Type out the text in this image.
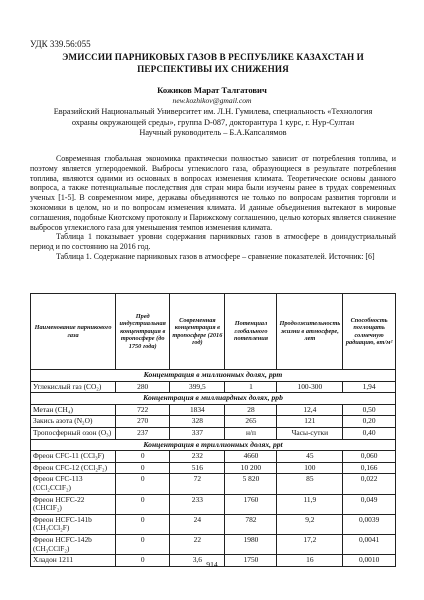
УДК 339.56:055
ЭМИССИИ ПАРНИКОВЫХ ГАЗОВ В РЕСПУБЛИКЕ КАЗАХСТАН И ПЕРСПЕКТИВЫ ИХ СНИЖЕНИЯ
Кожиков Марат Талгатович
new.kozhikov@gmail.com
Евразийский Национальный Университет им. Л.Н. Гумилева, специальность «Технология
охраны окружающей среды», группа D-087, докторантура 1 курс, г. Нур-Султан
Научный руководитель – Б.А.Капсалямов

Современная глобальная экономика практически полностью зависит от потребления топлива, и поэтому является углеродоемкой. Выбросы углекислого газа, образующиеся в результате потребления топлива, являются одними из основных в вопросах изменения климата. Теоретические основы данного вопроса, а также потенциальные последствия для стран мира были изучены ранее в трудах современных ученых [1-5]. В современном мире, державы объединяются не только по вопросам развития торговли и экономики в целом, но и по вопросам изменения климата. И данные объединения вытекают в мировые соглашения, подобные Киотскому протоколу и Парижскому соглашению, целью которых является снижение выбросов углекислого газа для уменьшения темпов изменения климата.

Таблица 1 показывает уровни содержания парниковых газов в атмосфере в доиндустриальный период и по состоянию на 2016 год.

Таблица 1. Содержание парниковых газов в атмосфере – сравнение показателей. Источник: [6]

Наименование парникового газа	Пред индустриальная концентрация в тропосфере (до 1750 года)	Современная концентрация в тропосфере (2016 год)	Потенциал глобального потепления	Продолжительность жизни в атмосфере, лет	Способность поглощать солнечную радиацию, вт/м²
Концентрация в миллионных долях, ppm					
Углекислый газ (CO₂)	280	399,5	1	100-300	1,94
Концентрация в миллиардных долях, ppb					
Метан (CH₄)	722	1834	28	12,4	0,50
Закись азота (N₂O)	270	328	265	121	0,20
Тропосферный озон (O₃)	237	337	н/п	Часы-сутки	0,40
Концентрация в триллионных долях, ppt					
Фреон CFC-11 (CCl₃F)	0	232	4660	45	0,060
Фреон CFC-12 (CCl₂F₂)	0	516	10 200	100	0,166
Фреон CFC-113 (CCl₂CClF₂)	0	72	5 820	85	0,022
Фреон HCFC-22 (CHClF₂)	0	233	1760	11,9	0,049
Фреон HCFC-141b (CH₃CCl₂F)	0	24	782	9,2	0,0039
Фреон HCFC-142b (CH₃CClF₂)	0	22	1980	17,2	0,0041
Хладон 1211	0	3,6	1750	16	0,0010
914
